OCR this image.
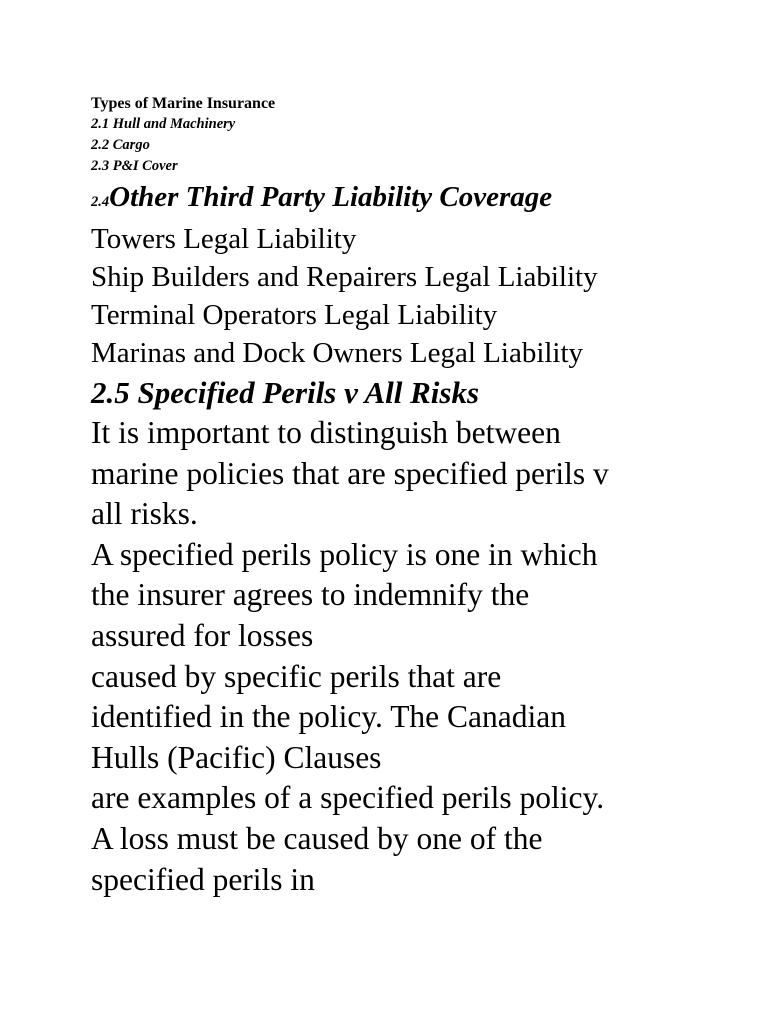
Types of Marine Insurance

2.1 Hull and Machinery

2.2 Cargo

2.3 P&I Cover

2.4Other Third Party Liability Coverage

Towers Legal Liability

Ship Builders and Repairers Legal Liability

Terminal Operators Legal Liability

Marinas and Dock Owners Legal Liability

2.5 Specified Perils v All Risks

It is important to distinguish between

marine policies that are specified perils v

all risks.

A specified perils policy is one in which

the insurer agrees to indemnify the

assured for losses

caused by specific perils that are

identified in the policy. The Canadian

Hulls (Pacific) Clauses

are examples of a specified perils policy.

A loss must be caused by one of the

specified perils in
